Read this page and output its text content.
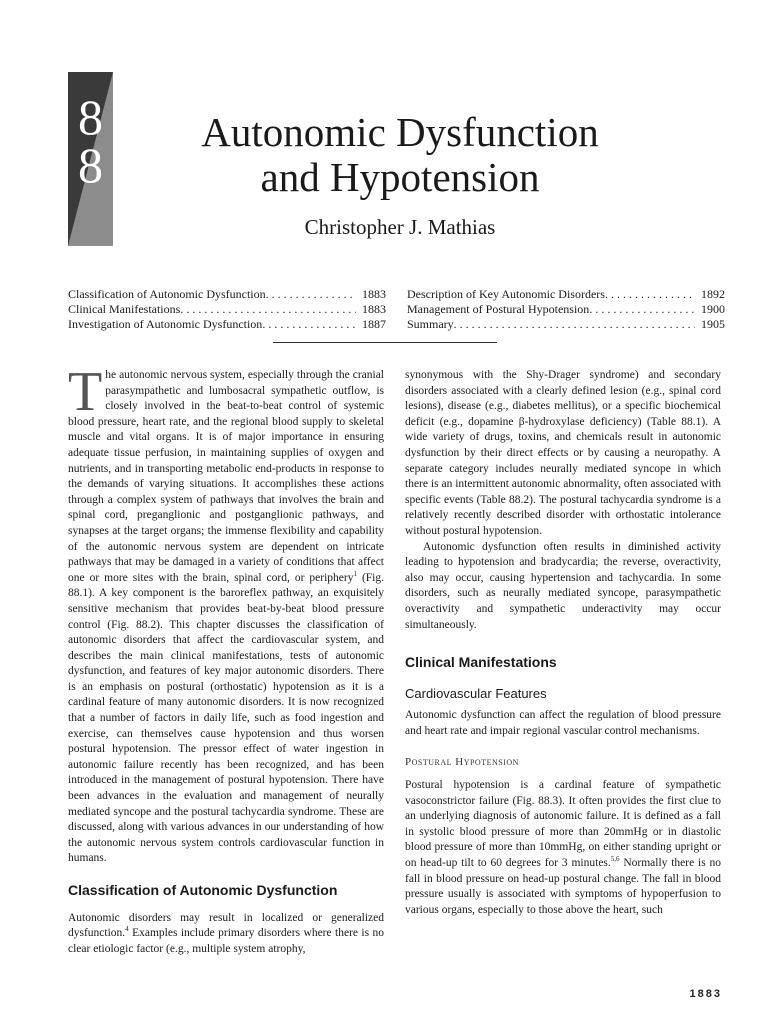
8
8
Autonomic Dysfunction
and Hypotension
Christopher J. Mathias
Classification of Autonomic Dysfunction . . .	1883
Clinical Manifestations . . .	1883
Investigation of Autonomic Dysfunction . . .	1887
Description of Key Autonomic Disorders . . .	1892
Management of Postural Hypotension . . .	1900
Summary . . .	1905

The autonomic nervous system, especially through the cranial parasympathetic and lumbosacral sympathetic outflow, is closely involved in the beat-to-beat control of systemic blood pressure, heart rate, and the regional blood supply to skeletal muscle and vital organs. It is of major importance in ensuring adequate tissue perfusion, in maintaining supplies of oxygen and nutrients, and in transporting metabolic end-products in response to the demands of varying situations. It accomplishes these actions through a complex system of pathways that involves the brain and spinal cord, preganglionic and postganglionic pathways, and synapses at the target organs; the immense flexibility and capability of the autonomic nervous system are dependent on intricate pathways that may be damaged in a variety of conditions that affect one or more sites with the brain, spinal cord, or periphery$^1$ (Fig. 88.1). A key component is the baroreflex pathway, an exquisitely sensitive mechanism that provides beat-by-beat blood pressure control (Fig. 88.2). This chapter discusses the classification of autonomic disorders that affect the cardiovascular system, and describes the main clinical manifestations, tests of autonomic dysfunction, and features of key major autonomic disorders. There is an emphasis on postural (orthostatic) hypotension as it is a cardinal feature of many autonomic disorders. It is now recognized that a number of factors in daily life, such as food ingestion and exercise, can themselves cause hypotension and thus worsen postural hypotension. The pressor effect of water ingestion in autonomic failure recently has been recognized, and has been introduced in the management of postural hypotension. There have been advances in the evaluation and management of neurally mediated syncope and the postural tachycardia syndrome. These are discussed, along with various advances in our understanding of how the autonomic nervous system controls cardiovascular function in humans.

Classification of Autonomic Dysfunction

Autonomic disorders may result in localized or generalized dysfunction.$^4$ Examples include primary disorders where there is no clear etiologic factor (e.g., multiple system atrophy,

synonymous with the Shy-Drager syndrome) and secondary disorders associated with a clearly defined lesion (e.g., spinal cord lesions), disease (e.g., diabetes mellitus), or a specific biochemical deficit (e.g., dopamine β-hydroxylase deficiency) (Table 88.1). A wide variety of drugs, toxins, and chemicals result in autonomic dysfunction by their direct effects or by causing a neuropathy. A separate category includes neurally mediated syncope in which there is an intermittent autonomic abnormality, often associated with specific events (Table 88.2). The postural tachycardia syndrome is a relatively recently described disorder with orthostatic intolerance without postural hypotension.

Autonomic dysfunction often results in diminished activity leading to hypotension and bradycardia; the reverse, overactivity, also may occur, causing hypertension and tachycardia. In some disorders, such as neurally mediated syncope, parasympathetic overactivity and sympathetic underactivity may occur simultaneously.

Clinical Manifestations
Cardiovascular Features

Autonomic dysfunction can affect the regulation of blood pressure and heart rate and impair regional vascular control mechanisms.

Postural Hypotension

Postural hypotension is a cardinal feature of sympathetic vasoconstrictor failure (Fig. 88.3). It often provides the first clue to an underlying diagnosis of autonomic failure. It is defined as a fall in systolic blood pressure of more than 20mmHg or in diastolic blood pressure of more than 10mmHg, on either standing upright or on head-up tilt to 60 degrees for 3 minutes.$^{5,6}$ Normally there is no fall in blood pressure on head-up postural change. The fall in blood pressure usually is associated with symptoms of hypoperfusion to various organs, especially to those above the heart, such

1883
